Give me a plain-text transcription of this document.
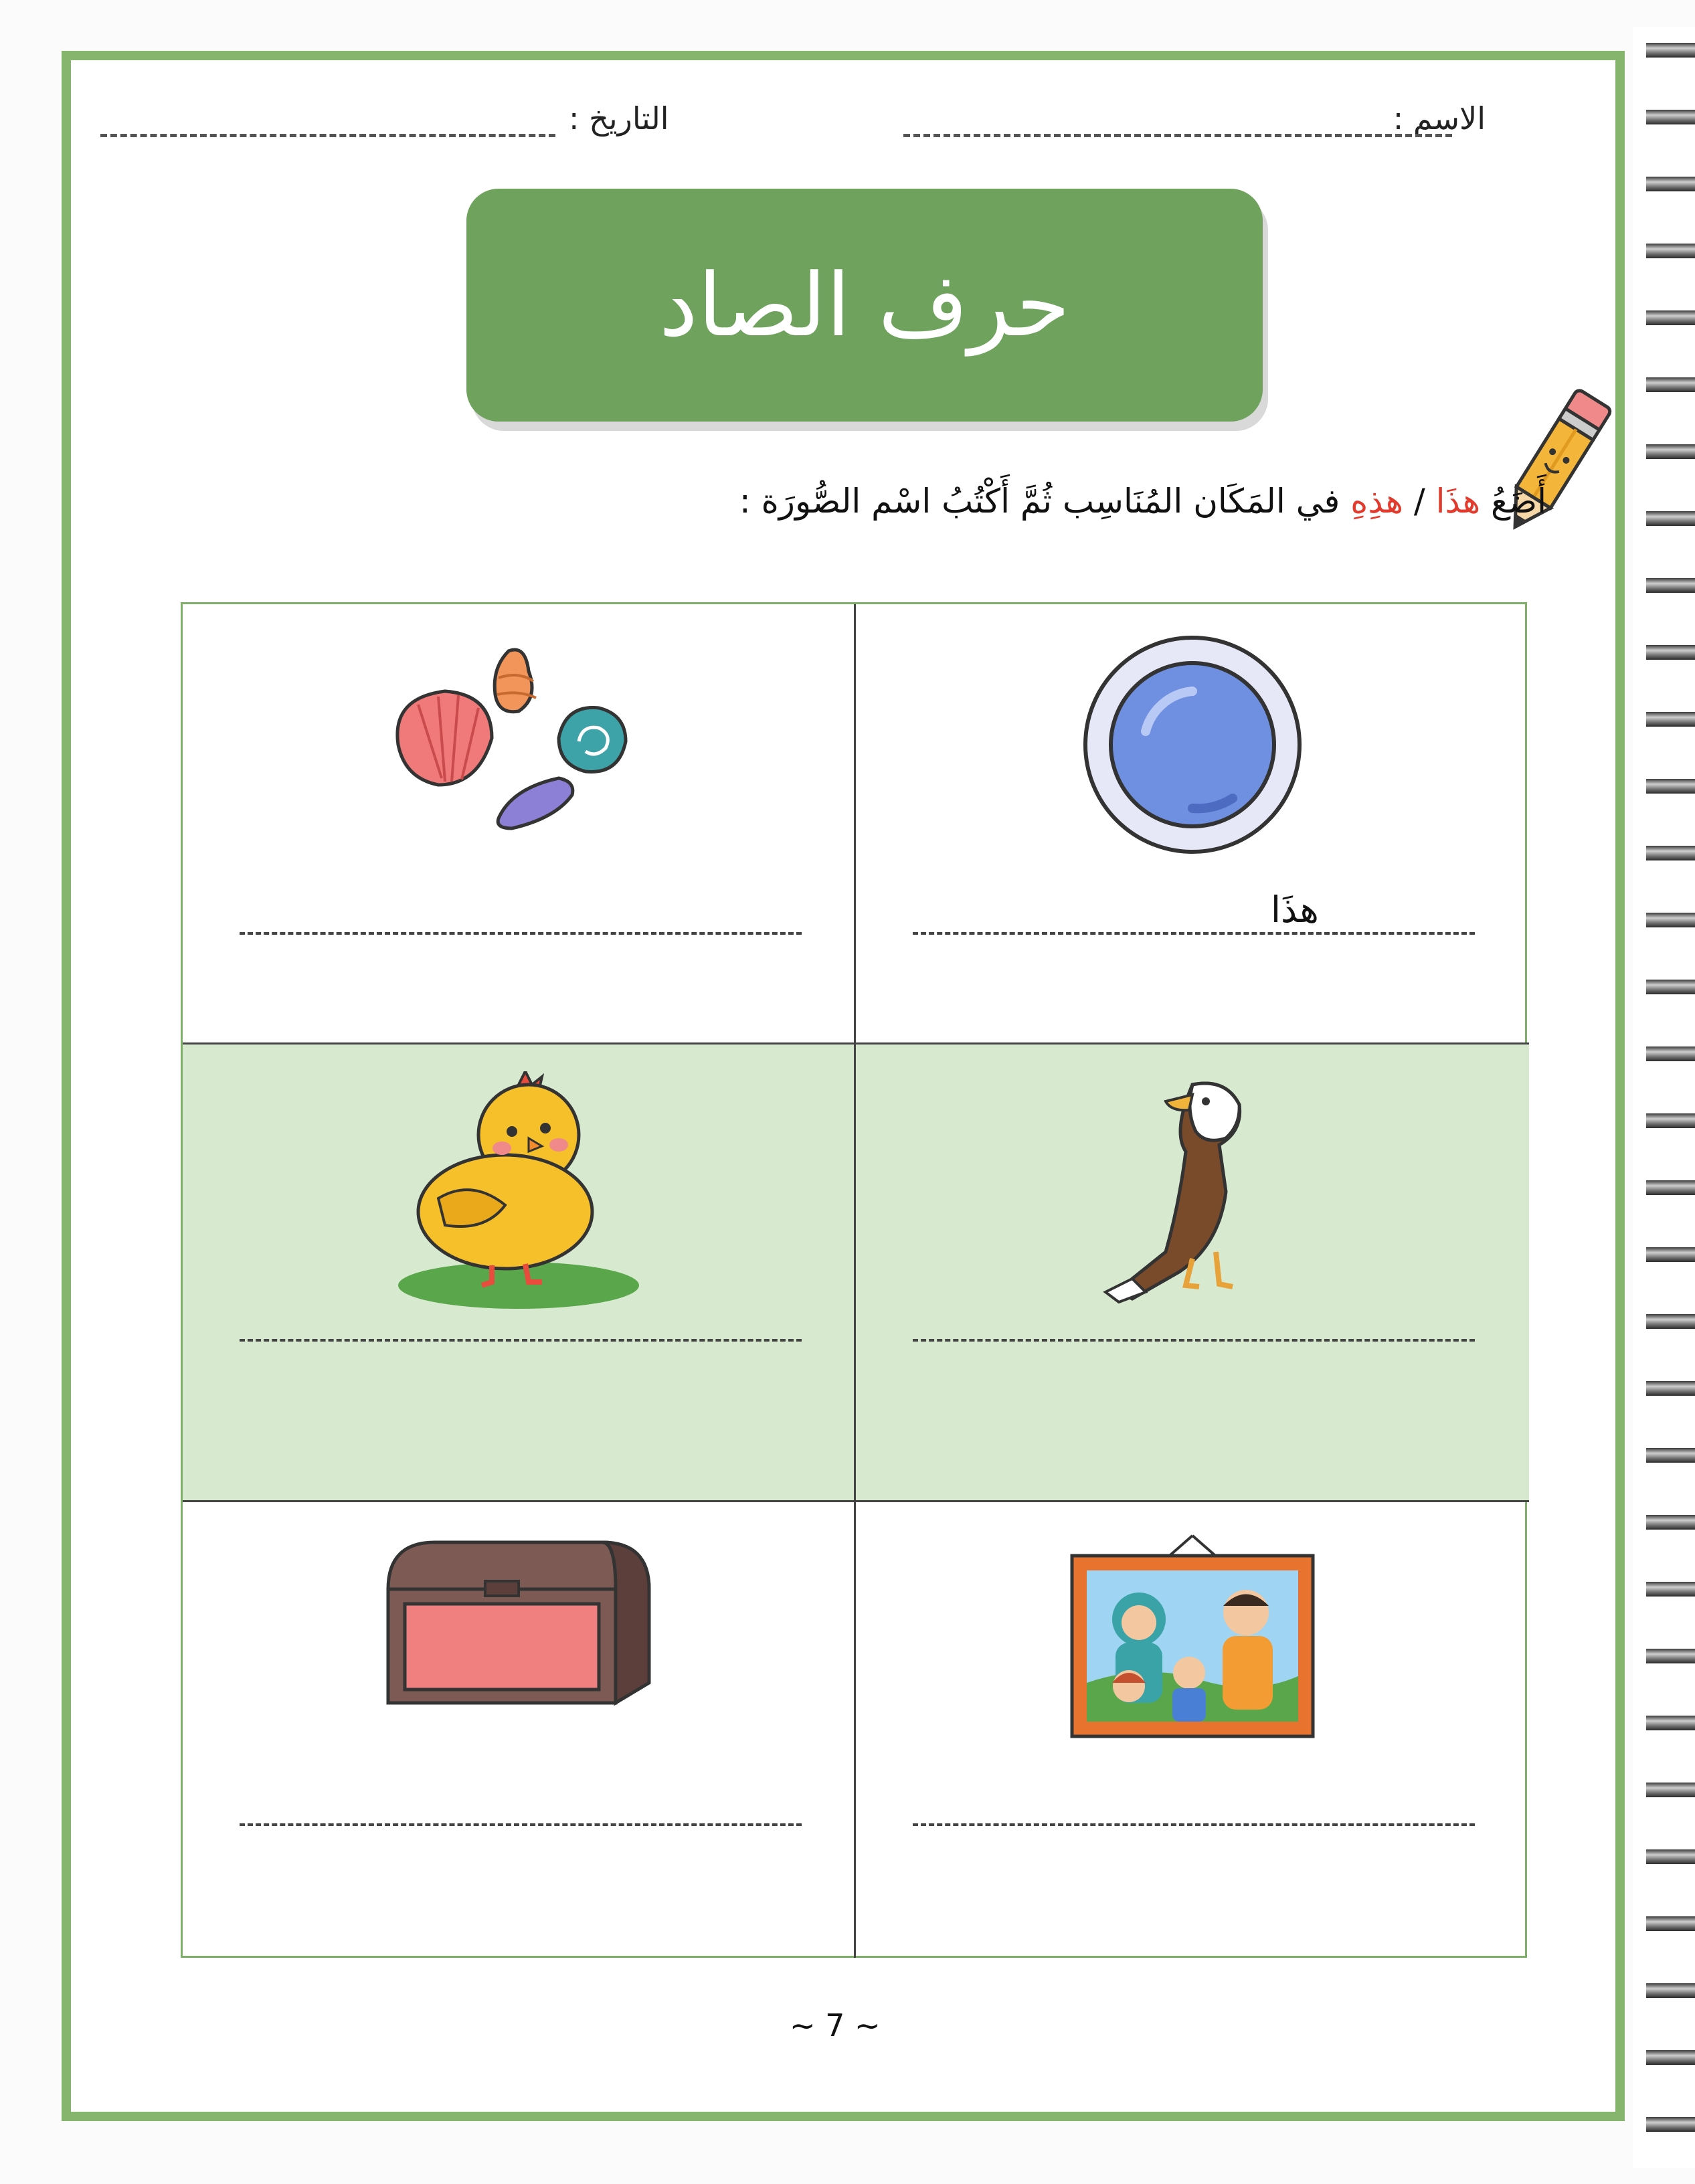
الاسم :
التاريخ :
حرف الصاد
أَضَعُ هذَا / هذِهِ في المَكَان المُنَاسِب ثُمَّ أَكْتُبُ اسْم الصُّورَة :
هذَا
~ 7 ~
